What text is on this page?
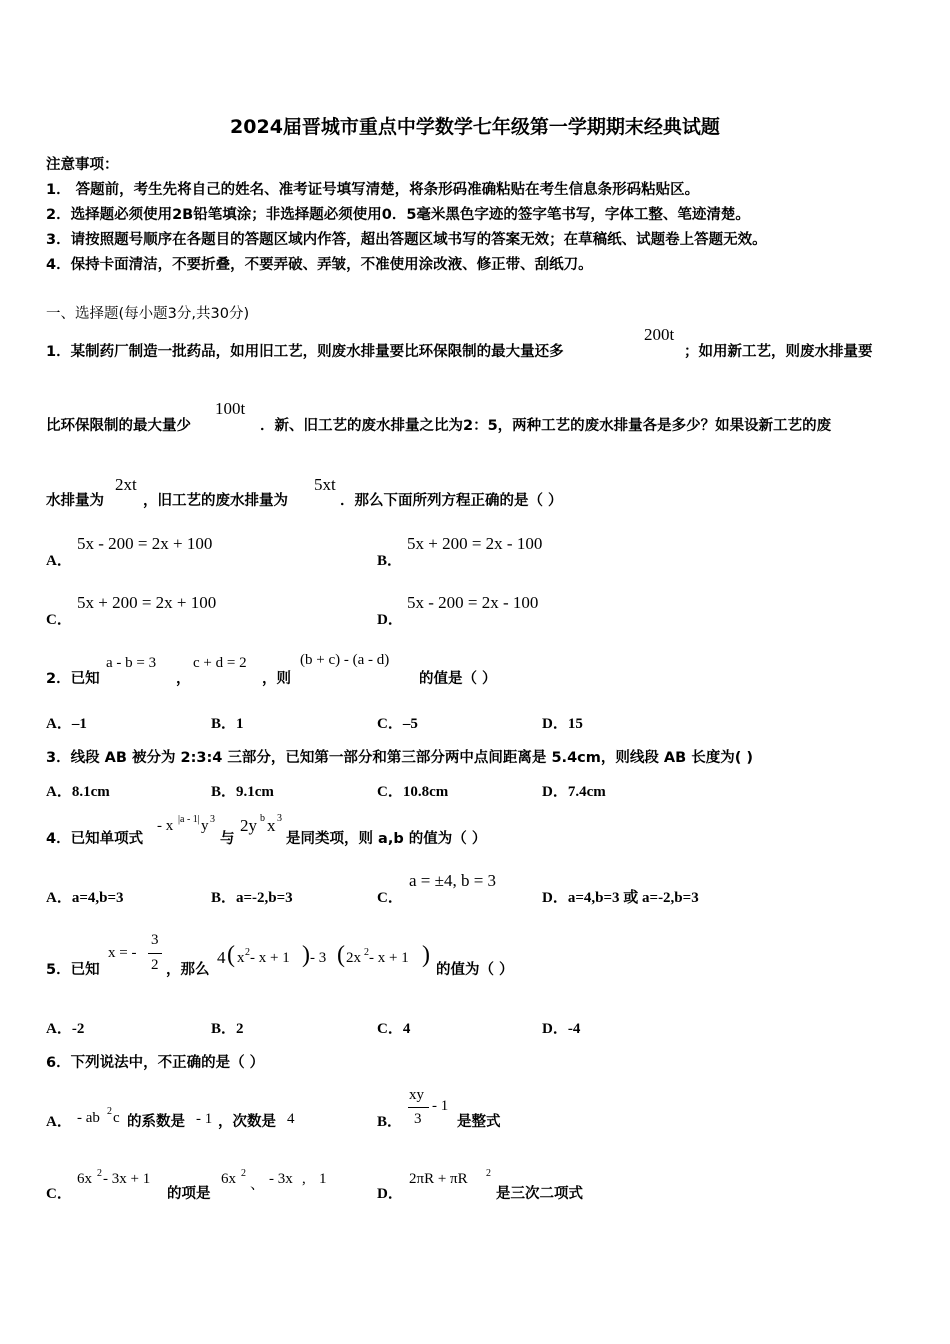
2024届晋城市重点中学数学七年级第一学期期末经典试题
注意事项：
1． 答题前，考生先将自己的姓名、准考证号填写清楚，将条形码准确粘贴在考生信息条形码粘贴区。
2．选择题必须使用2B铅笔填涂；非选择题必须使用0．5毫米黑色字迹的签字笔书写，字体工整、笔迹清楚。
3．请按照题号顺序在各题目的答题区域内作答，超出答题区域书写的答案无效；在草稿纸、试题卷上答题无效。
4．保持卡面清洁，不要折叠，不要弄破、弄皱，不准使用涂改液、修正带、刮纸刀。
一、选择题(每小题3分,共30分)
1．某制药厂制造一批药品，如用旧工艺，则废水排量要比环保限制的最大量还多
200t
；如用新工艺，则废水排量要
比环保限制的最大量少
100t
．新、旧工艺的废水排量之比为2：5，两种工艺的废水排量各是多少？如果设新工艺的废
水排量为
2xt
，旧工艺的废水排量为
5xt
．那么下面所列方程正确的是（ ）
A．
5x - 200 = 2x + 100
B．
5x + 200 = 2x - 100
C．
5x + 200 = 2x + 100
D．
5x - 200 = 2x - 100
2．已知
a - b = 3
，
c + d = 2
，则
(b + c) - (a - d)
的值是（ ）
A．–1	B．1	C．–5	D．15
3．线段 AB 被分为 2:3:4 三部分，已知第一部分和第三部分两中点间距离是 5.4cm，则线段 AB 长度为( )
A．8.1cm	B．9.1cm	C．10.8cm	D．7.4cm
4．已知单项式
- x |a - 1| y 3
与
2y b x 3
是同类项，则 a,b 的值为（ ）
A．a=4,b=3	B．a=-2,b=3	C．
a = ±4, b = 3
D．a=4,b=3 或 a=-2,b=3
5．已知
x = -
3
2 ，那么
4 ( x 2 - x + 1 ) - 3 ( 2x 2 - x + 1 )
的值为（ ）
A．-2	B．2	C．4	D．-4
6．下列说法中，不正确的是（ ）
A． - ab 2 c 的系数是 - 1 ，次数是 4	B．
xy
3
- 1
是整式
C．
6x 2 - 3x + 1
的项是
6x 2
、 - 3x , 1
D．
2πR + πR 2
是三次二项式
